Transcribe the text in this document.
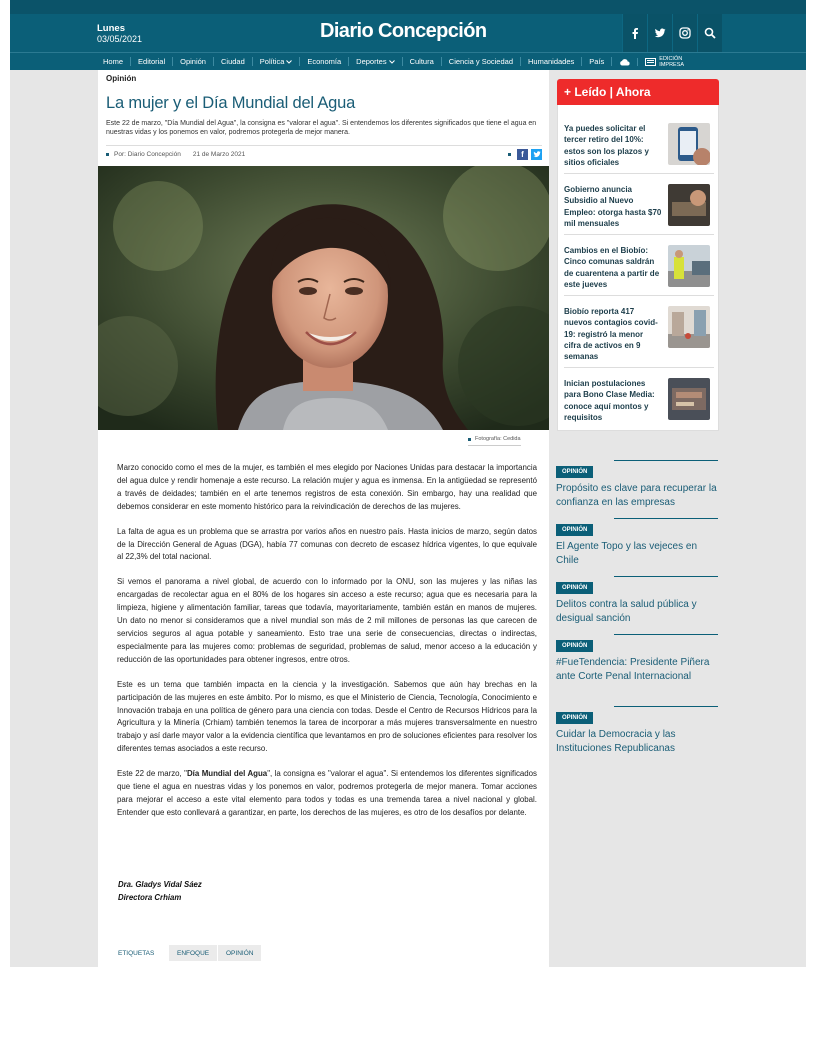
Lunes
03/05/2021	Diario Concepción
Home	Editorial	Opinión	Ciudad	Política	Economía	Deportes	Cultura	Ciencia y Sociedad	Humanidades	País	EDICIÓN
IMPRESA
Opinión
La mujer y el Día Mundial del Agua
Este 22 de marzo, "Día Mundial del Agua", la consigna es "valorar el agua". Si entendemos los diferentes significados que tiene el agua en nuestras vidas y los ponemos en valor, podremos protegerla de mejor manera.
Por: Diario Concepción 21 de Marzo 2021	f
Fotografía: Cedida

Marzo conocido como el mes de la mujer, es también el mes elegido por Naciones Unidas para destacar la importancia del agua dulce y rendir homenaje a este recurso. La relación mujer y agua es inmensa. En la antigüedad se representó a través de deidades; también en el arte tenemos registros de esta conexión. Sin embargo, hay una realidad que debemos considerar en este momento histórico para la reivindicación de derechos de las mujeres.

La falta de agua es un problema que se arrastra por varios años en nuestro país. Hasta inicios de marzo, según datos de la Dirección General de Aguas (DGA), había 77 comunas con decreto de escasez hídrica vigentes, lo que equivale al 22,3% del total nacional.

Si vemos el panorama a nivel global, de acuerdo con lo informado por la ONU, son las mujeres y las niñas las encargadas de recolectar agua en el 80% de los hogares sin acceso a este recurso; agua que es necesaria para la limpieza, higiene y alimentación familiar, tareas que todavía, mayoritariamente, también están en manos de mujeres. Un dato no menor si consideramos que a nivel mundial son más de 2 mil millones de personas las que carecen de servicios seguros al agua potable y saneamiento. Esto trae una serie de consecuencias, directas o indirectas, especialmente para las mujeres como: problemas de seguridad, problemas de salud, menor acceso a la educación y reducción de las oportunidades para obtener ingresos, entre otros.

Este es un tema que también impacta en la ciencia y la investigación. Sabemos que aún hay brechas en la participación de las mujeres en este ámbito. Por lo mismo, es que el Ministerio de Ciencia, Tecnología, Conocimiento e Innovación trabaja en una política de género para una ciencia con todas. Desde el Centro de Recursos Hídricos para la Agricultura y la Minería (Crhiam) también tenemos la tarea de incorporar a más mujeres transversalmente en nuestro trabajo y así darle mayor valor a la evidencia científica que levantamos en pro de soluciones eficientes para resolver los diferentes temas asociados a este recurso.

Este 22 de marzo, "Día Mundial del Agua", la consigna es "valorar el agua". Si entendemos los diferentes significados que tiene el agua en nuestras vidas y los ponemos en valor, podremos protegerla de mejor manera. Tomar acciones para mejorar el acceso a este vital elemento para todos y todas es una tremenda tarea a nivel nacional y global. Entender que esto conllevará a garantizar, en parte, los derechos de las mujeres, es otro de los desafíos por delante.

Dra. Gladys Vidal Sáez
Directora Crhiam
ETIQUETAS	ENFOQUE	OPINIÓN
+ Leído | Ahora
Ya puedes solicitar el tercer retiro del 10%: estos son los plazos y sitios oficiales
Gobierno anuncia Subsidio al Nuevo Empleo: otorga hasta $70 mil mensuales
Cambios en el Biobío: Cinco comunas saldrán de cuarentena a partir de este jueves
Biobío reporta 417 nuevos contagios covid-19: registró la menor cifra de activos en 9 semanas
Inician postulaciones para Bono Clase Media: conoce aquí montos y requisitos
OPINIÓN
Propósito es clave para recuperar la confianza en las empresas
OPINIÓN
El Agente Topo y las vejeces en Chile
OPINIÓN
Delitos contra la salud pública y desigual sanción
OPINIÓN
#FueTendencia: Presidente Piñera ante Corte Penal Internacional
OPINIÓN
Cuidar la Democracia y las Instituciones Republicanas
